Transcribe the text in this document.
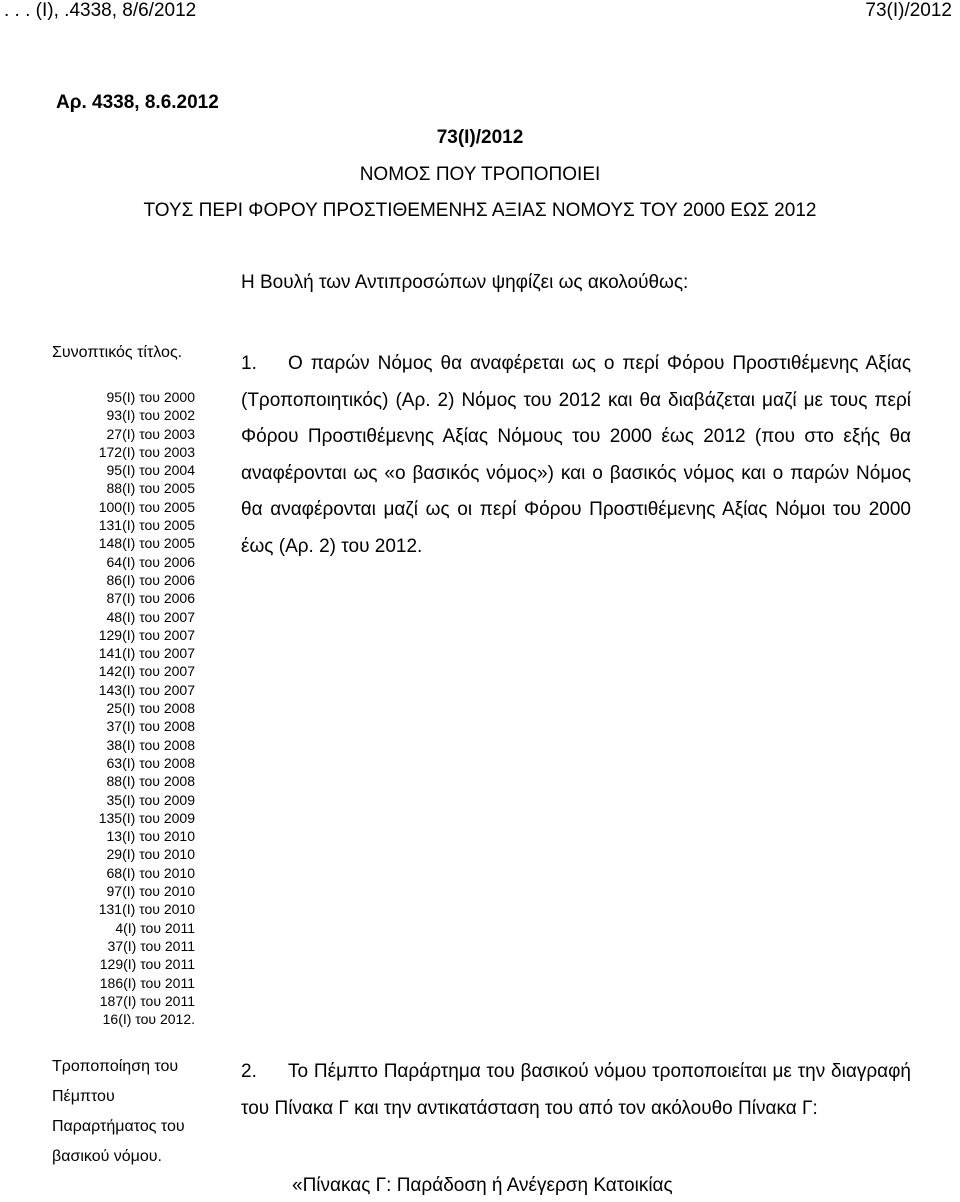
. . . (Ι), .4338, 8/6/2012	73(Ι)/2012
Αρ. 4338, 8.6.2012
73(Ι)/2012
ΝΟΜΟΣ ΠΟΥ ΤΡΟΠΟΠΟΙΕΙ
ΤΟΥΣ ΠΕΡΙ ΦΟΡΟΥ ΠΡΟΣΤΙΘΕΜΕΝΗΣ ΑΞΙΑΣ ΝΟΜΟΥΣ ΤΟΥ 2000 ΕΩΣ 2012
Η Βουλή των Αντιπροσώπων ψηφίζει ως ακολούθως:
Συνοπτικός τίτλος.
95(Ι) του 2000
93(Ι) του 2002
27(Ι) του 2003
172(Ι) του 2003
95(Ι) του 2004
88(Ι) του 2005
100(Ι) του 2005
131(Ι) του 2005
148(Ι) του 2005
64(Ι) του 2006
86(Ι) του 2006
87(Ι) του 2006
48(Ι) του 2007
129(Ι) του 2007
141(Ι) του 2007
142(Ι) του 2007
143(Ι) του 2007
25(Ι) του 2008
37(Ι) του 2008
38(Ι) του 2008
63(Ι) του 2008
88(Ι) του 2008
35(Ι) του 2009
135(Ι) του 2009
13(Ι) του 2010
29(Ι) του 2010
68(Ι) του 2010
97(Ι) του 2010
131(Ι) του 2010
4(Ι) του 2011
37(Ι) του 2011
129(Ι) του 2011
186(Ι) του 2011
187(Ι) του 2011
16(Ι) του 2012.

1. Ο παρών Νόμος θα αναφέρεται ως ο περί Φόρου Προστιθέμενης Αξίας (Τροποποιητικός) (Αρ. 2) Νόμος του 2012 και θα διαβάζεται μαζί με τους περί Φόρου Προστιθέμενης Αξίας Νόμους του 2000 έως 2012 (που στο εξής θα αναφέρονται ως «ο βασικός νόμος») και ο βασικός νόμος και ο παρών Νόμος θα αναφέρονται μαζί ως οι περί Φόρου Προστιθέμενης Αξίας Νόμοι του 2000 έως (Αρ. 2) του 2012.

Τροποποίηση του Πέμπτου Παραρτήματος του βασικού νόμου.

2. Το Πέμπτο Παράρτημα του βασικού νόμου τροποποιείται με την διαγραφή του Πίνακα Γ και την αντικατάσταση του από τον ακόλουθο Πίνακα Γ:

«Πίνακας Γ: Παράδοση ή Ανέγερση Κατοικίας
